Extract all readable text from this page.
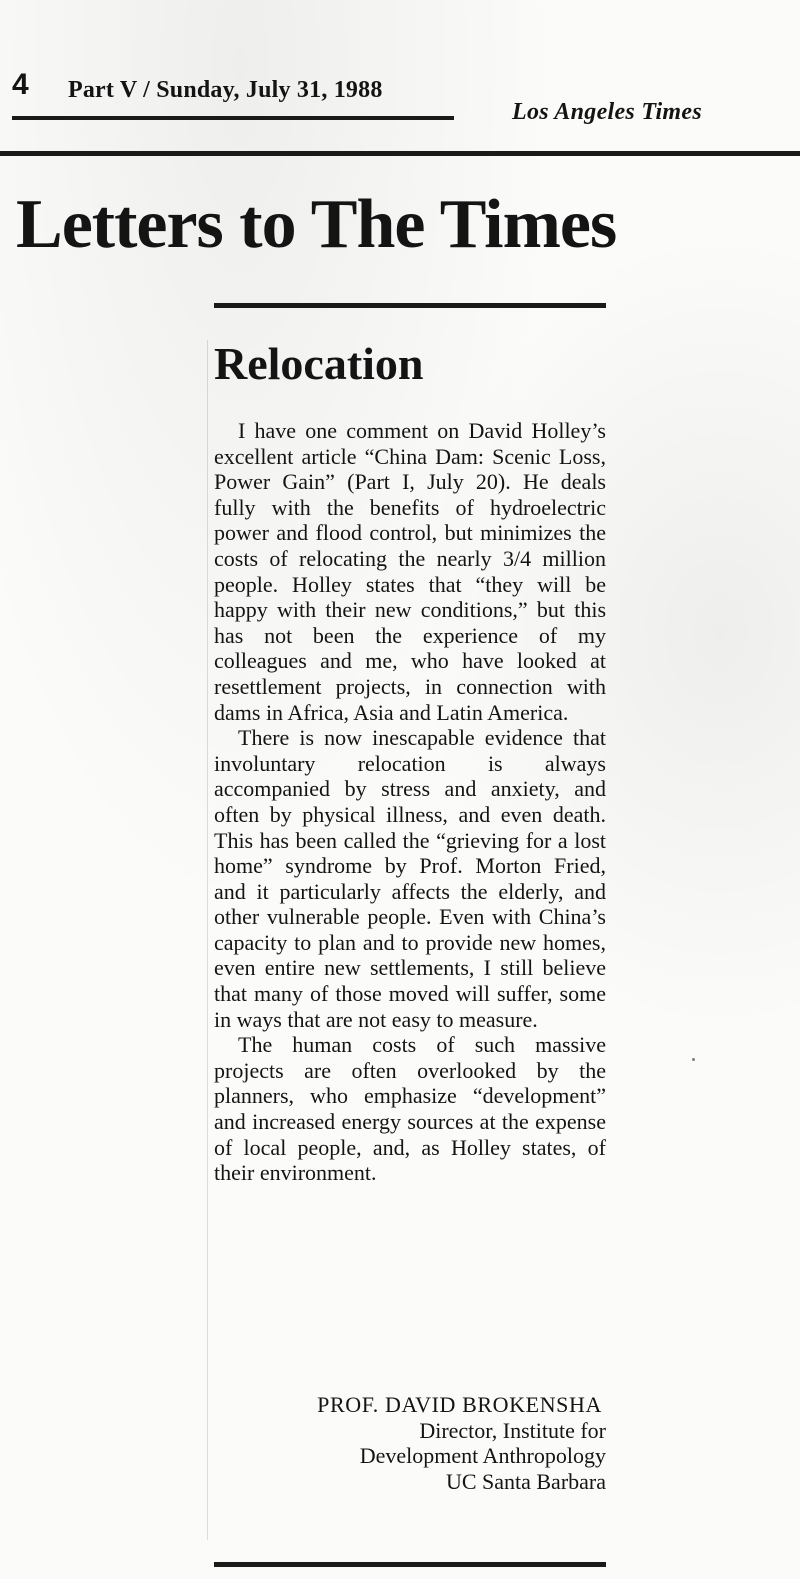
4 Part V / Sunday, July 31, 1988
Los Angeles Times
Letters to The Times
Relocation

I have one comment on David Holley’s excellent article “China Dam: Scenic Loss, Power Gain” (Part I, July 20). He deals fully with the benefits of hydroelectric power and flood control, but minimizes the costs of relocating the nearly 3/4 million people. Holley states that “they will be happy with their new conditions,” but this has not been the experience of my colleagues and me, who have looked at resettlement projects, in connection with dams in Africa, Asia and Latin America.

There is now inescapable evidence that involuntary relocation is always accompanied by stress and anxiety, and often by physical illness, and even death. This has been called the “grieving for a lost home” syndrome by Prof. Morton Fried, and it particularly affects the elderly, and other vulnerable people. Even with China’s capacity to plan and to provide new homes, even entire new settlements, I still believe that many of those moved will suffer, some in ways that are not easy to measure.

The human costs of such massive projects are often overlooked by the planners, who emphasize “development” and increased energy sources at the expense of local people, and, as Holley states, of their environment.

PROF. DAVID BROKENSHA
Director, Institute for
Development Anthropology
UC Santa Barbara
